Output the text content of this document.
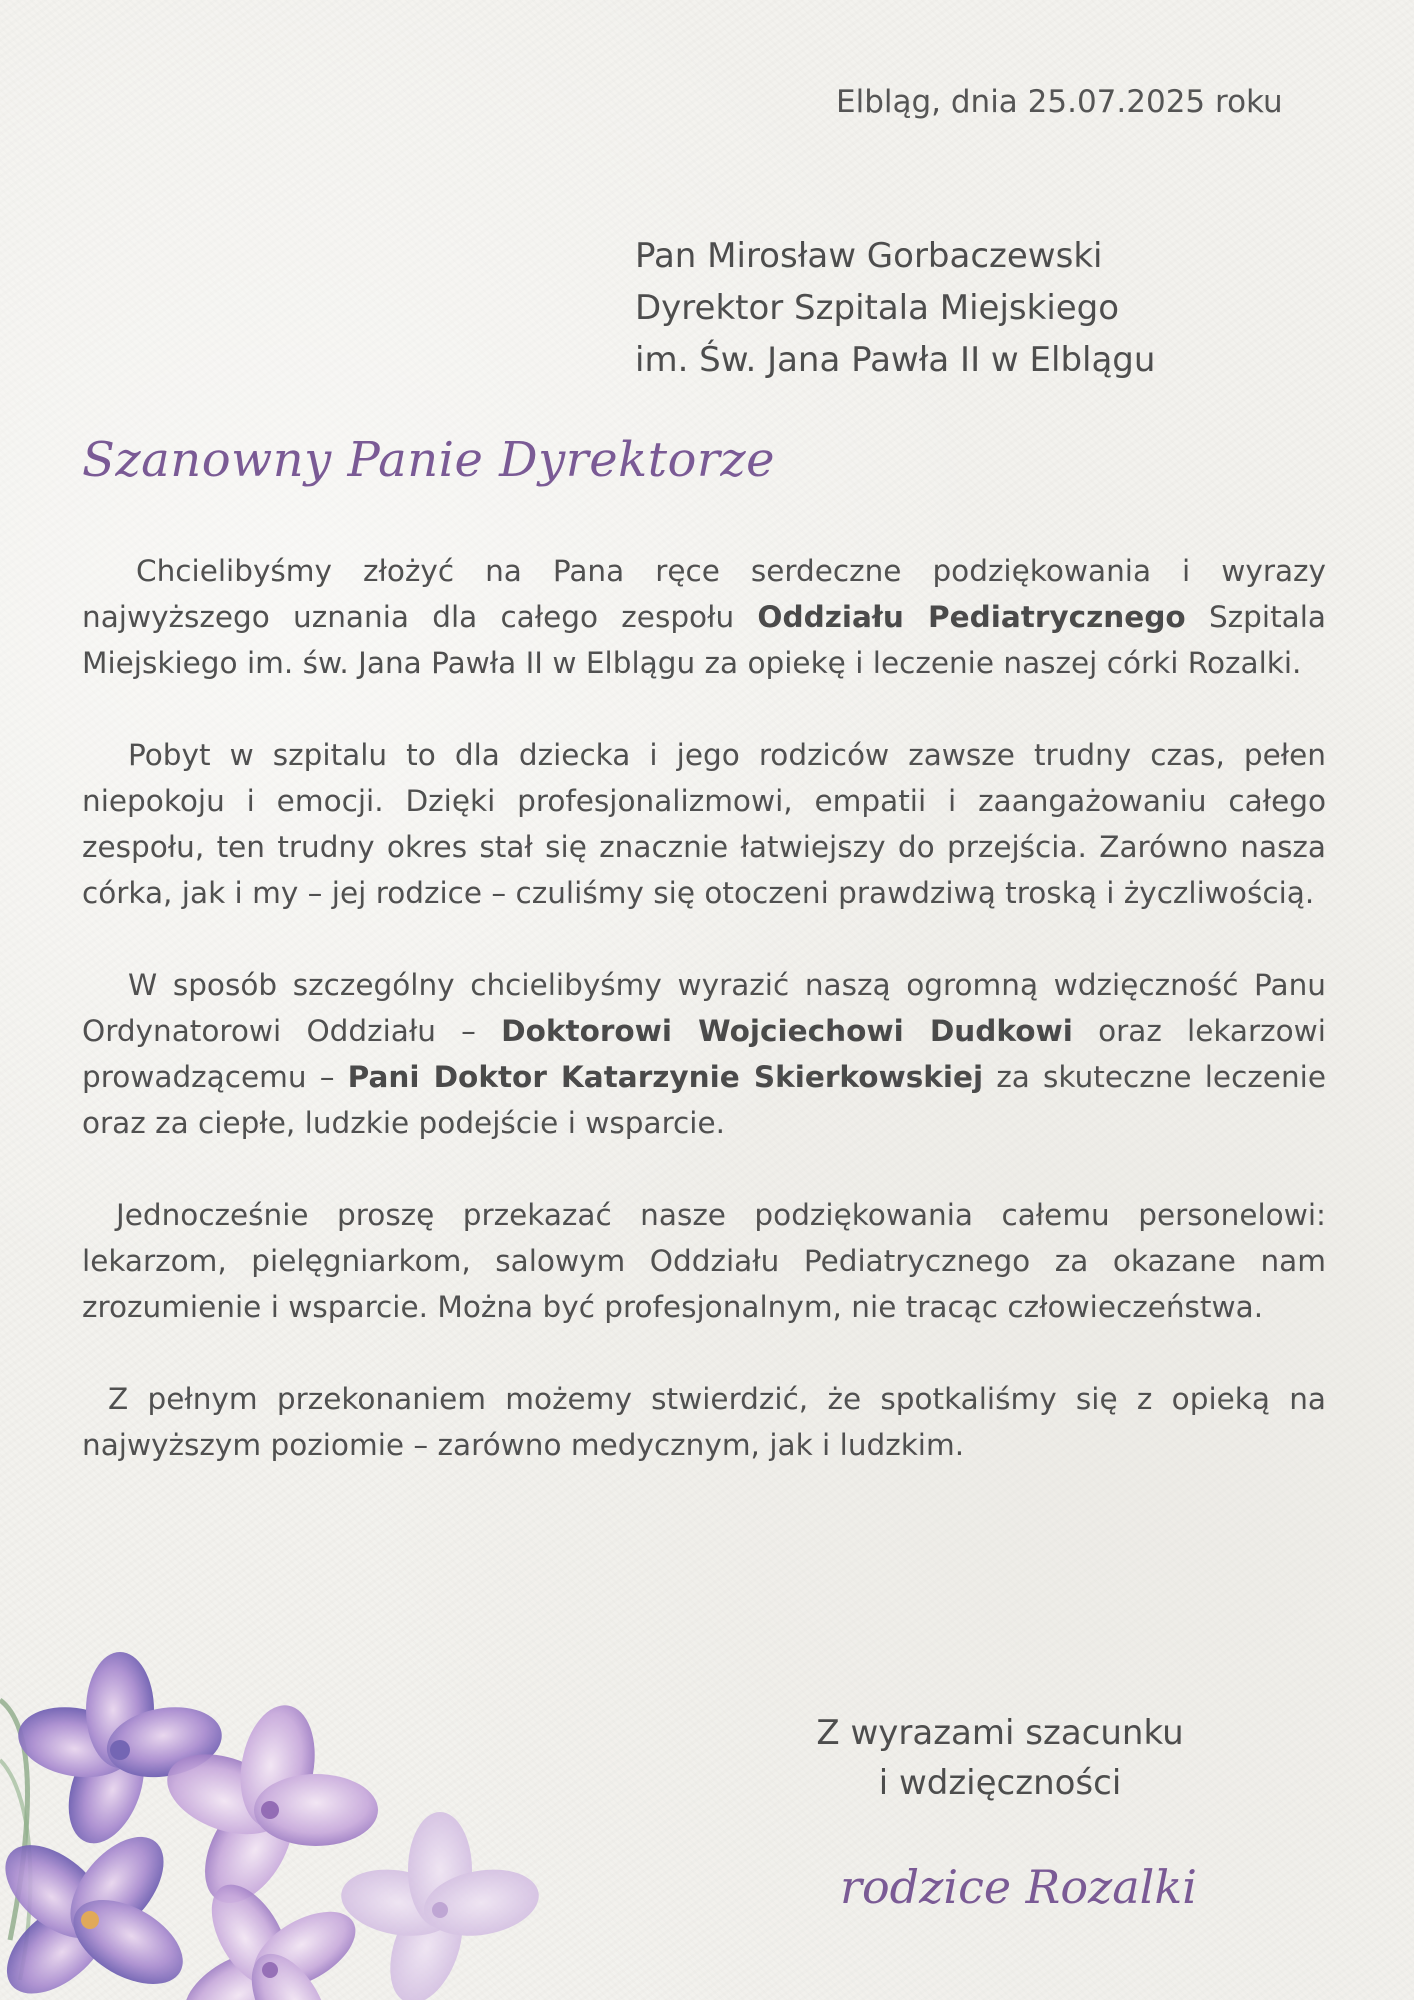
Elbląg, dnia 25.07.2025 roku
Pan Mirosław Gorbaczewski
Dyrektor Szpitala Miejskiego
im. Św. Jana Pawła II w Elblągu
Szanowny Panie Dyrektorze

Chcielibyśmy złożyć na Pana ręce serdeczne podziękowania i wyrazy najwyższego uznania dla całego zespołu Oddziału Pediatrycznego Szpitala Miejskiego im. św. Jana Pawła II w Elblągu za opiekę i leczenie naszej córki Rozalki.

Pobyt w szpitalu to dla dziecka i jego rodziców zawsze trudny czas, pełen niepokoju i emocji. Dzięki profesjonalizmowi, empatii i zaangażowaniu całego zespołu, ten trudny okres stał się znacznie łatwiejszy do przejścia. Zarówno nasza córka, jak i my – jej rodzice – czuliśmy się otoczeni prawdziwą troską i życzliwością.

W sposób szczególny chcielibyśmy wyrazić naszą ogromną wdzięczność Panu Ordynatorowi Oddziału – Doktorowi Wojciechowi Dudkowi oraz lekarzowi prowadzącemu – Pani Doktor Katarzynie Skierkowskiej za skuteczne leczenie oraz za ciepłe, ludzkie podejście i wsparcie.

Jednocześnie proszę przekazać nasze podziękowania całemu personelowi: lekarzom, pielęgniarkom, salowym Oddziału Pediatrycznego za okazane nam zrozumienie i wsparcie. Można być profesjonalnym, nie tracąc człowieczeństwa.

Z pełnym przekonaniem możemy stwierdzić, że spotkaliśmy się z opieką na najwyższym poziomie – zarówno medycznym, jak i ludzkim.

Z wyrazami szacunku
i wdzięczności
rodzice Rozalki
